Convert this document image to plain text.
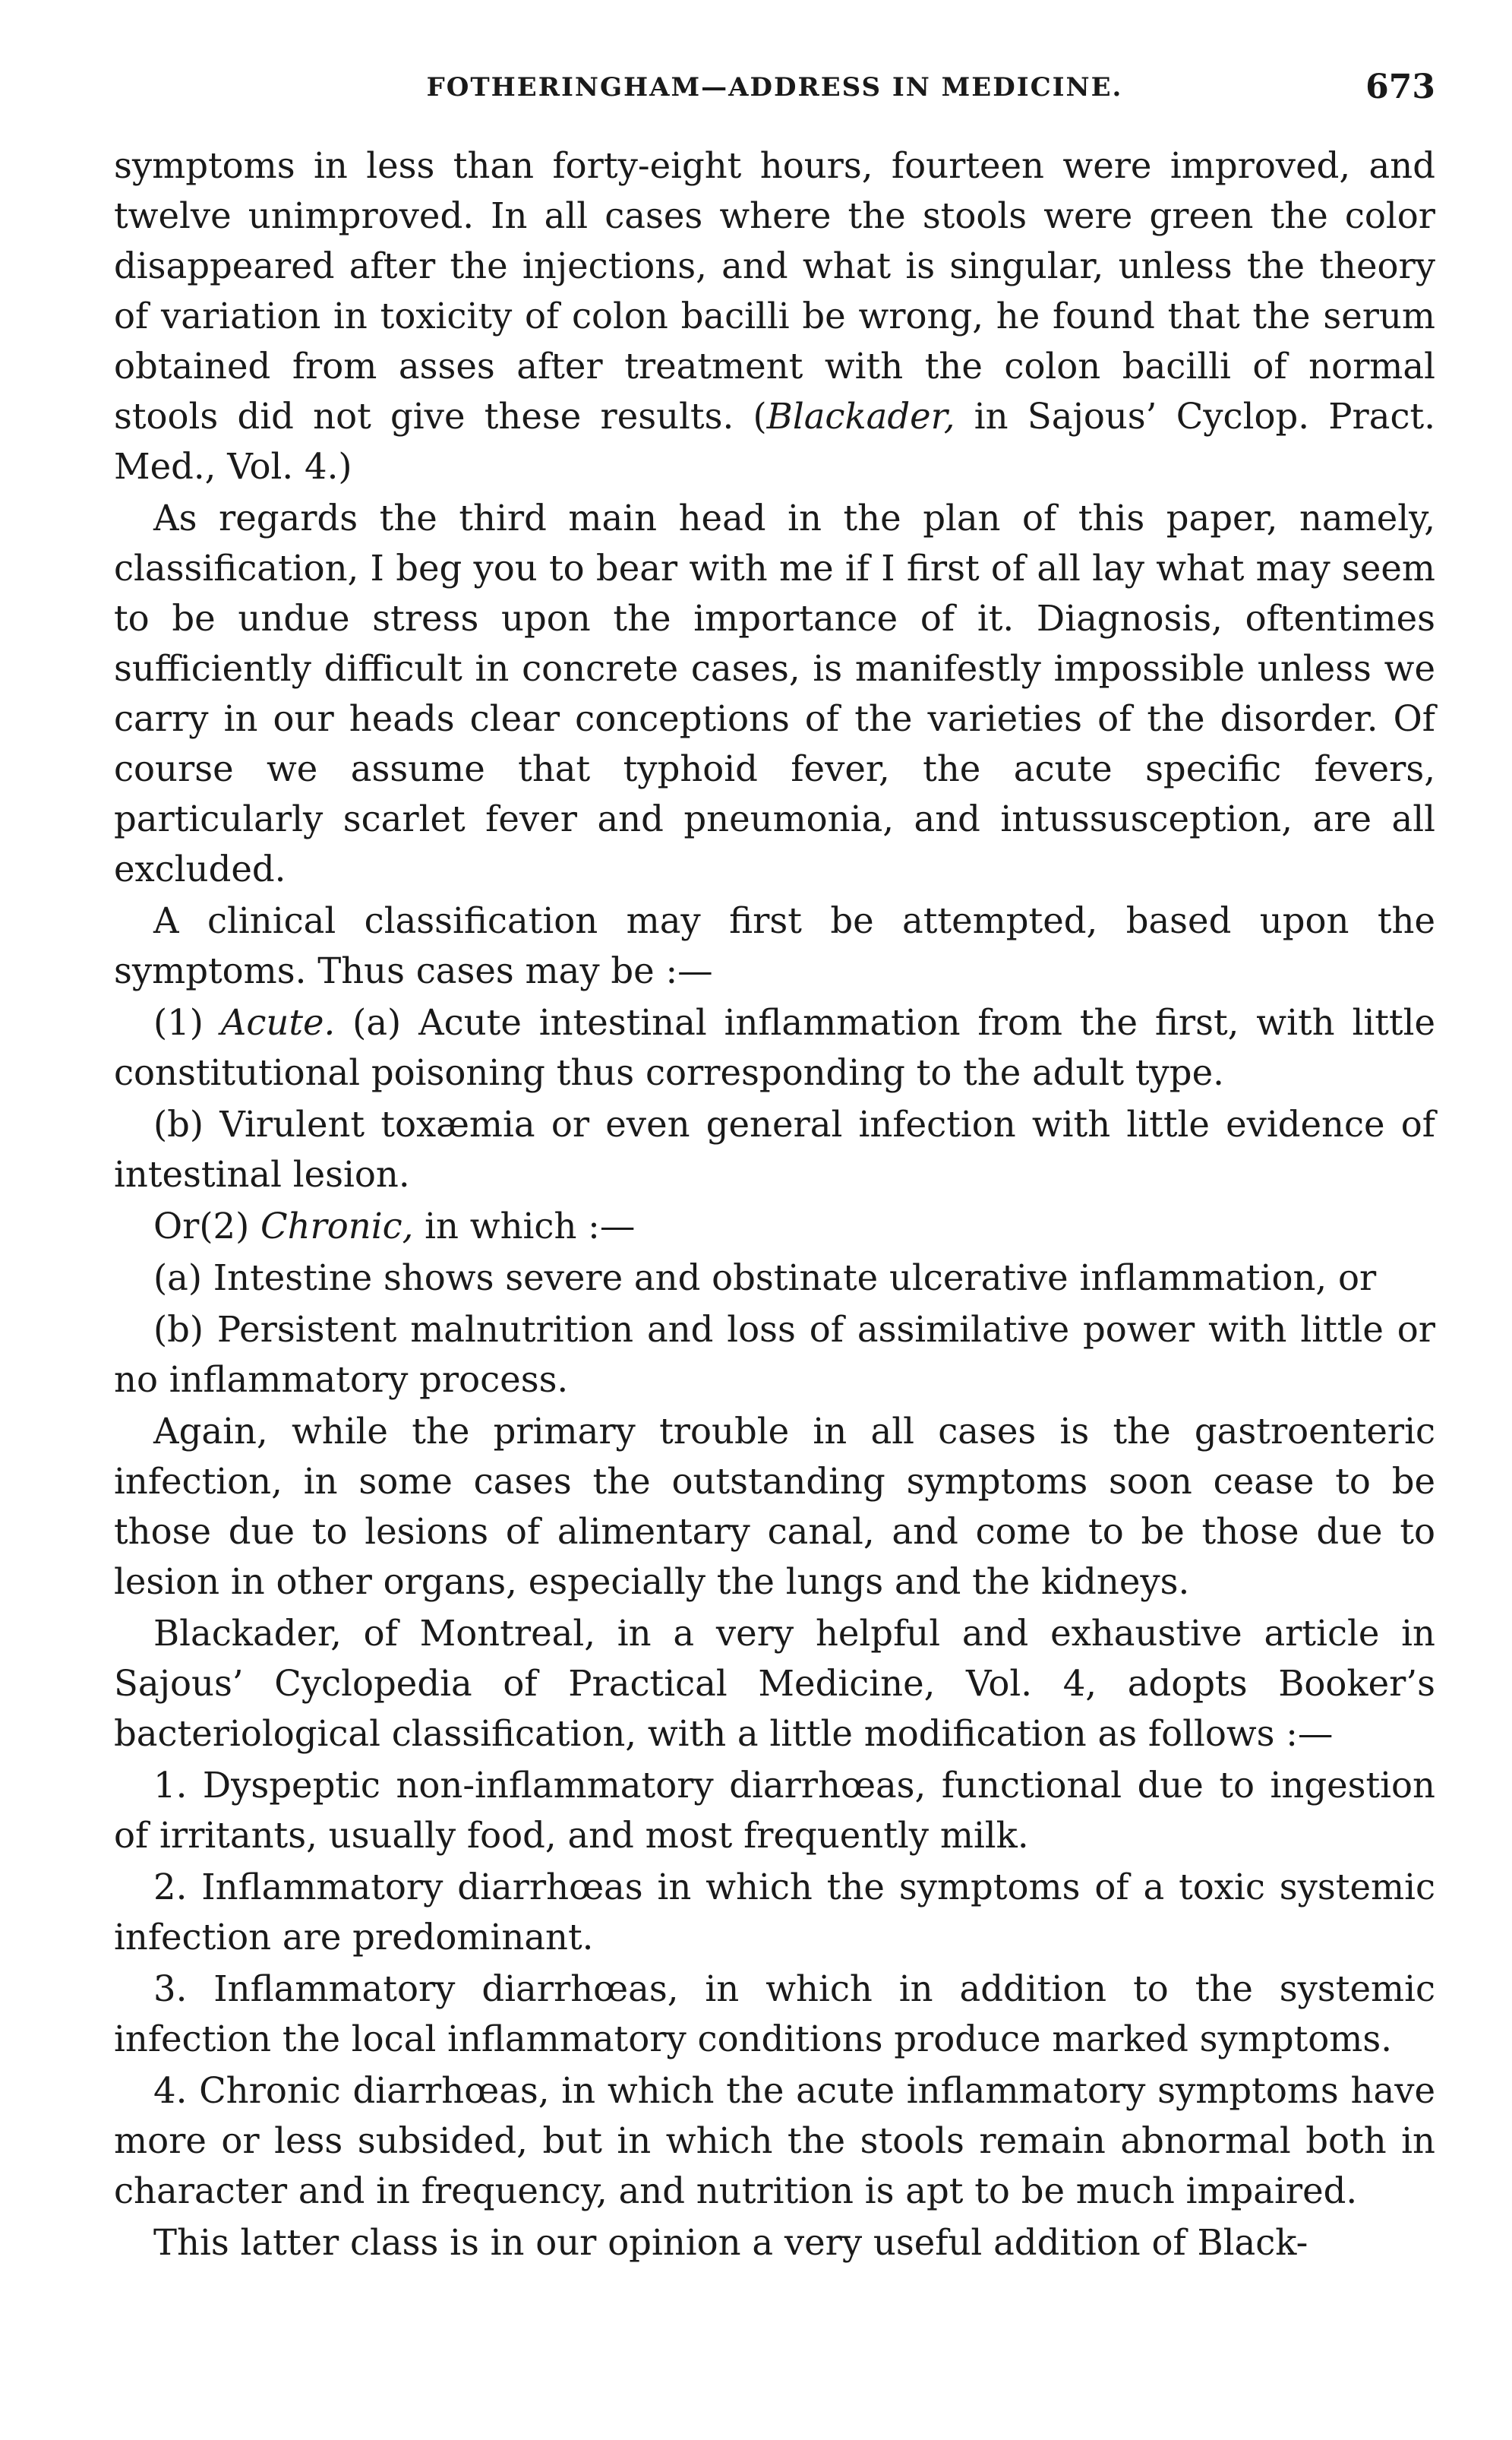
FOTHERINGHAM—ADDRESS IN MEDICINE.	673

symptoms in less than forty-eight hours, fourteen were improved, and twelve unimproved. In all cases where the stools were green the color disappeared after the injections, and what is singular, unless the theory of variation in toxicity of colon bacilli be wrong, he found that the serum obtained from asses after treatment with the colon bacilli of normal stools did not give these results. (Blackader, in Sajous’ Cyclop. Pract. Med., Vol. 4.)

As regards the third main head in the plan of this paper, namely, classification, I beg you to bear with me if I first of all lay what may seem to be undue stress upon the importance of it. Diagnosis, oftentimes sufficiently difficult in concrete cases, is manifestly impossible unless we carry in our heads clear conceptions of the varieties of the disorder. Of course we assume that typhoid fever, the acute specific fevers, particularly scarlet fever and pneumonia, and intussusception, are all excluded.

A clinical classification may first be attempted, based upon the symptoms. Thus cases may be :—

(1) Acute. (a) Acute intestinal inflammation from the first, with little constitutional poisoning thus corresponding to the adult type.

(b) Virulent toxæmia or even general infection with little evidence of intestinal lesion.

Or(2) Chronic, in which :—

(a) Intestine shows severe and obstinate ulcerative inflammation, or

(b) Persistent malnutrition and loss of assimilative power with little or no inflammatory process.

Again, while the primary trouble in all cases is the gastroenteric infection, in some cases the outstanding symptoms soon cease to be those due to lesions of alimentary canal, and come to be those due to lesion in other organs, especially the lungs and the kidneys.

Blackader, of Montreal, in a very helpful and exhaustive article in Sajous’ Cyclopedia of Practical Medicine, Vol. 4, adopts Booker’s bacteriological classification, with a little modification as follows :—

1. Dyspeptic non-inflammatory diarrhœas, functional due to ingestion of irritants, usually food, and most frequently milk.

2. Inflammatory diarrhœas in which the symptoms of a toxic systemic infection are predominant.

3. Inflammatory diarrhœas, in which in addition to the systemic infection the local inflammatory conditions produce marked symptoms.

4. Chronic diarrhœas, in which the acute inflammatory symptoms have more or less subsided, but in which the stools remain abnormal both in character and in frequency, and nutrition is apt to be much impaired.

This latter class is in our opinion a very useful addition of Black-
